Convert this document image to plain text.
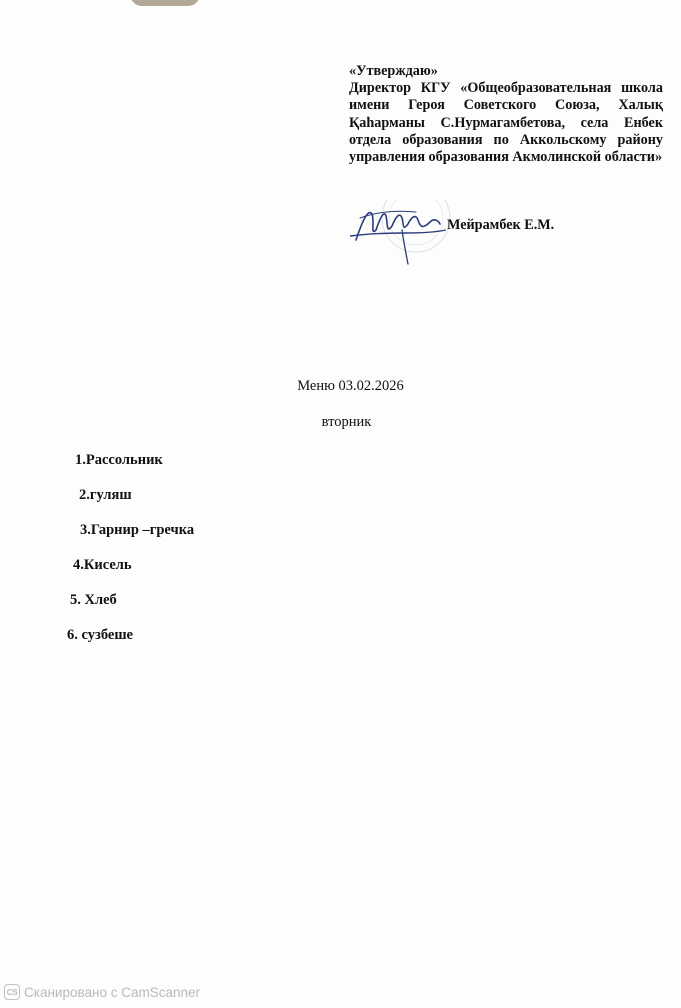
«Утверждаю»
Директор КГУ «Общеобразовательная школа имени Героя Советского Союза, Халық Қаһарманы С.Нурмагамбетова, села Енбек отдела образования по Аккольскому району управления образования Акмолинской области»
Мейрамбек Е.М.
Меню 03.02.2026
вторник
1.Рассольник
2.гуляш
3.Гарнир –гречка
4.Кисель
5. Хлеб
6. сузбеше
CS Сканировано с CamScanner
